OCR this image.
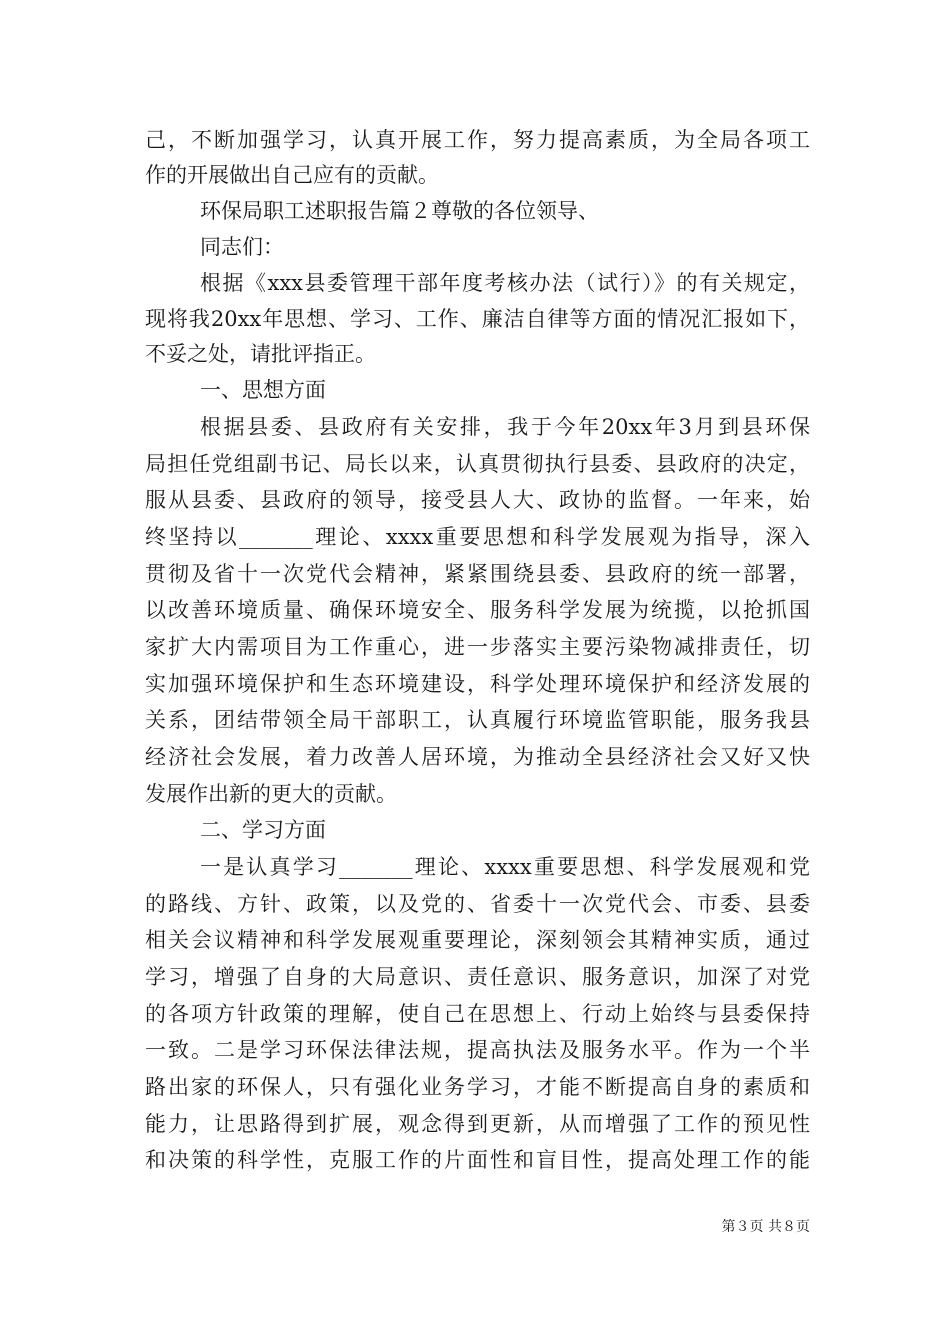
己，不断加强学习，认真开展工作，努力提高素质，为全局各项工
作的开展做出自己应有的贡献。
环保局职工述职报告篇２尊敬的各位领导、
同志们：
根据《xxx县委管理干部年度考核办法（试行）》的有关规定，
现将我20xx年思想、学习、工作、廉洁自律等方面的情况汇报如下，
不妥之处，请批评指正。
一、思想方面
根据县委、县政府有关安排，我于今年20xx年3月到县环保
局担任党组副书记、局长以来，认真贯彻执行县委、县政府的决定，
服从县委、县政府的领导，接受县人大、政协的监督。一年来，始
终坚持以_______理论、xxxx重要思想和科学发展观为指导，深入
贯彻及省十一次党代会精神，紧紧围绕县委、县政府的统一部署，
以改善环境质量、确保环境安全、服务科学发展为统揽，以抢抓国
家扩大内需项目为工作重心，进一步落实主要污染物减排责任，切
实加强环境保护和生态环境建设，科学处理环境保护和经济发展的
关系，团结带领全局干部职工，认真履行环境监管职能，服务我县
经济社会发展，着力改善人居环境，为推动全县经济社会又好又快
发展作出新的更大的贡献。
二、学习方面
一是认真学习_______理论、xxxx重要思想、科学发展观和党
的路线、方针、政策，以及党的、省委十一次党代会、市委、县委
相关会议精神和科学发展观重要理论，深刻领会其精神实质，通过
学习，增强了自身的大局意识、责任意识、服务意识，加深了对党
的各项方针政策的理解，使自己在思想上、行动上始终与县委保持
一致。二是学习环保法律法规，提高执法及服务水平。作为一个半
路出家的环保人，只有强化业务学习，才能不断提高自身的素质和
能力，让思路得到扩展，观念得到更新，从而增强了工作的预见性
和决策的科学性，克服工作的片面性和盲目性，提高处理工作的能
第３页 共８页
